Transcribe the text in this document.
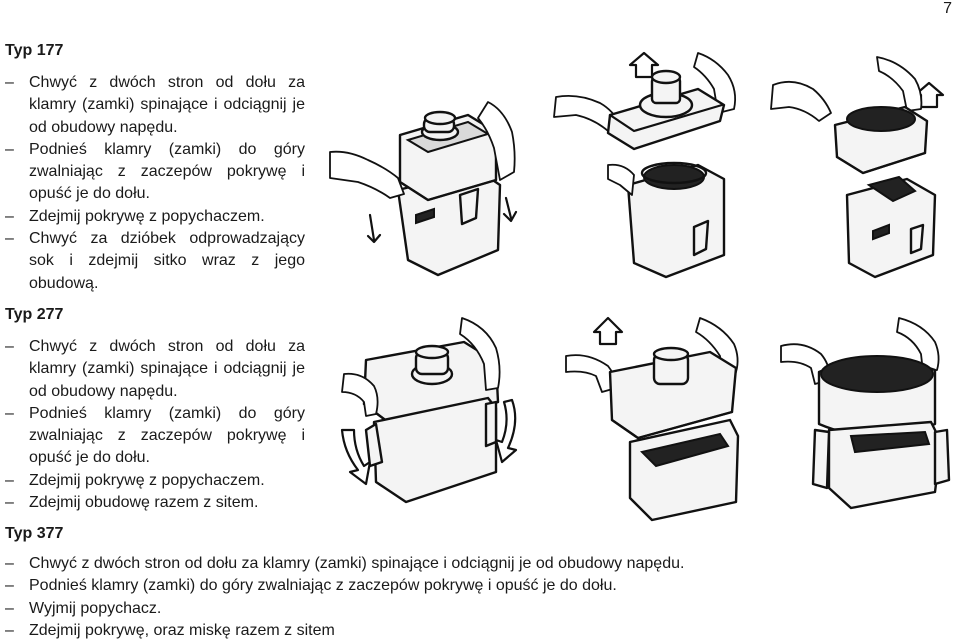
7
Typ 177
– Chwyć z dwóch stron od dołu za klamry (zamki) spinające i odciągnij je od obudowy napędu.
– Podnieś klamry (zamki) do góry zwalniając z zaczepów pokrywę i opuść je do dołu.
– Zdejmij pokrywę z popychaczem.
– Chwyć za dzióbek odprowadzający sok i zdejmij sitko wraz z jego obudową.
Typ 277
– Chwyć z dwóch stron od dołu za klamry (zamki) spinające i odciągnij je od obudowy napędu.
– Podnieś klamry (zamki) do góry zwalniając z zaczepów pokrywę i opuść je do dołu.
– Zdejmij pokrywę z popychaczem.
– Zdejmij obudowę razem z sitem.
Typ 377
– Chwyć z dwóch stron od dołu za klamry (zamki) spinające i odciągnij je od obudowy napędu.
– Podnieś klamry (zamki) do góry zwalniając z zaczepów pokrywę i opuść je do dołu.
– Wyjmij popychacz.
– Zdejmij pokrywę, oraz miskę razem z sitem
